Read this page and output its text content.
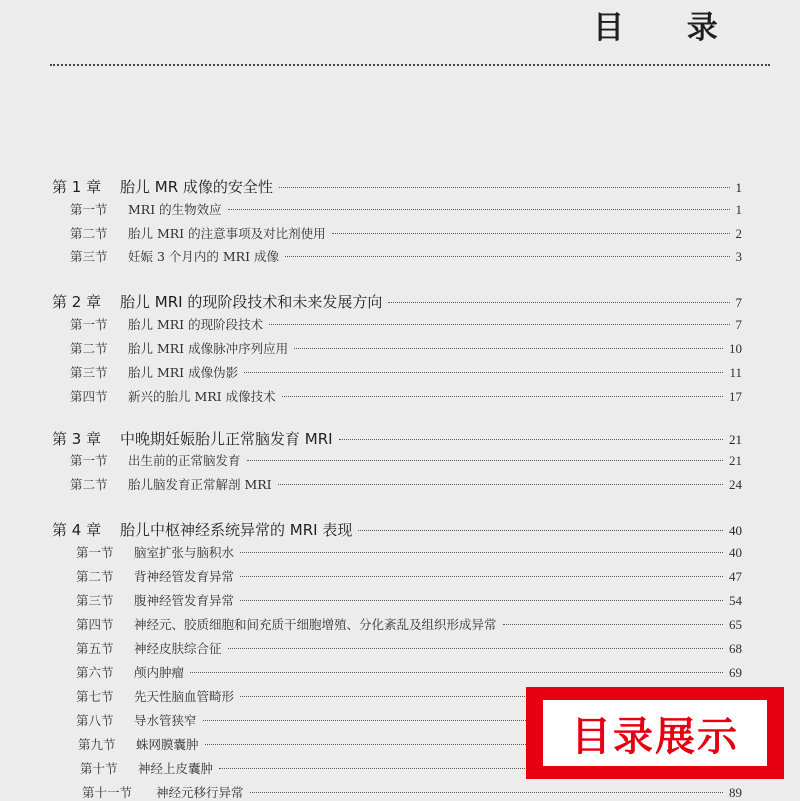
目 录
第 1 章	胎儿 MR 成像的安全性	1
第一节	MRI 的生物效应	1
第二节	胎儿 MRI 的注意事项及对比剂使用	2
第三节	妊娠 3 个月内的 MRI 成像	3
第 2 章	胎儿 MRI 的现阶段技术和未来发展方向	7
第一节	胎儿 MRI 的现阶段技术	7
第二节	胎儿 MRI 成像脉冲序列应用	10
第三节	胎儿 MRI 成像伪影	11
第四节	新兴的胎儿 MRI 成像技术	17
第 3 章	中晚期妊娠胎儿正常脑发育 MRI	21
第一节	出生前的正常脑发育	21
第二节	胎儿脑发育正常解剖 MRI	24
第 4 章	胎儿中枢神经系统异常的 MRI 表现	40
第一节	脑室扩张与脑积水	40
第二节	背神经管发育异常	47
第三节	腹神经管发育异常	54
第四节	神经元、胶质细胞和间充质干细胞增殖、分化紊乱及组织形成异常	65
第五节	神经皮肤综合征	68
第六节	颅内肿瘤	69
第七节	先天性脑血管畸形
第八节	导水管狭窄
第九节	蛛网膜囊肿
第十节	神经上皮囊肿
第十一节	神经元移行异常	89
目录展示
